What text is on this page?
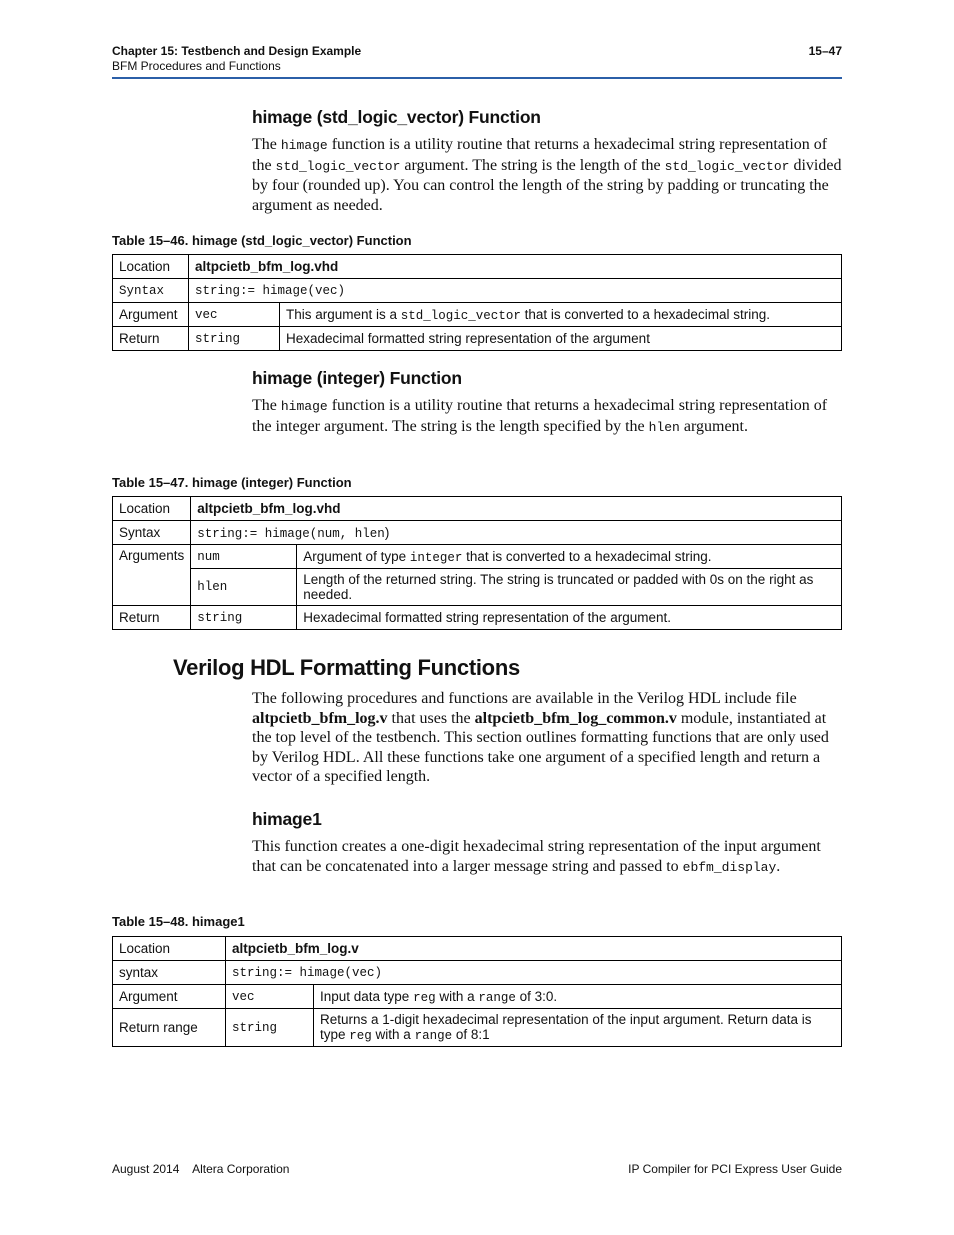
Chapter 15: Testbench and Design Example
BFM Procedures and Functions
15–47
himage (std_logic_vector) Function

The himage function is a utility routine that returns a hexadecimal string representation of the std_logic_vector argument. The string is the length of the std_logic_vector divided by four (rounded up). You can control the length of the string by padding or truncating the argument as needed.

Table 15–46. himage (std_logic_vector) Function
Location	altpcietb_bfm_log.vhd	
Syntax	string:= himage(vec)	
Argument	vec	This argument is a std_logic_vector that is converted to a hexadecimal string.
Return	string	Hexadecimal formatted string representation of the argument
himage (integer) Function

The himage function is a utility routine that returns a hexadecimal string representation of the integer argument. The string is the length specified by the hlen argument.

Table 15–47. himage (integer) Function
Location	altpcietb_bfm_log.vhd	
Syntax	string:= himage(num, hlen)	
Arguments	num	Argument of type integer that is converted to a hexadecimal string.
	hlen	Length of the returned string. The string is truncated or padded with 0s on the right as needed.
Return	string	Hexadecimal formatted string representation of the argument.
Verilog HDL Formatting Functions

The following procedures and functions are available in the Verilog HDL include file altpcietb_bfm_log.v that uses the altpcietb_bfm_log_common.v module, instantiated at the top level of the testbench. This section outlines formatting functions that are only used by Verilog HDL. All these functions take one argument of a specified length and return a vector of a specified length.

himage1

This function creates a one-digit hexadecimal string representation of the input argument that can be concatenated into a larger message string and passed to ebfm_display.

Table 15–48. himage1
Location	altpcietb_bfm_log.v	
syntax	string:= himage(vec)	
Argument	vec	Input data type reg with a range of 3:0.
Return range	string	Returns a 1-digit hexadecimal representation of the input argument. Return data is type reg with a range of 8:1
August 2014    Altera Corporation	IP Compiler for PCI Express User Guide
